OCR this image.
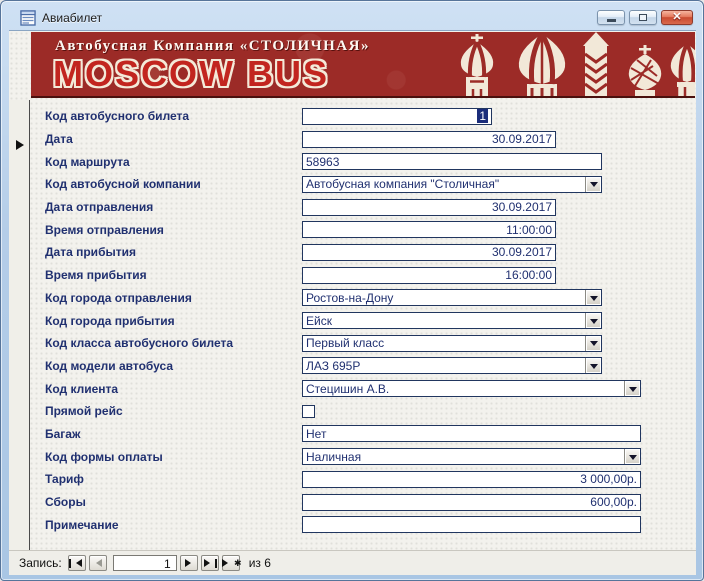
Авиабилет	✕
Автобусная Компания «СТОЛИЧНАЯ»
MOSCOW BUS
Код автобусного билета	1
Дата	30.09.2017
Код маршрута	58963
Код автобусной компании	Автобусная компания "Столичная"
Дата отправления	30.09.2017
Время отправления	11:00:00
Дата прибытия	30.09.2017
Время прибытия	16:00:00
Код города отправления	Ростов-на-Дону
Код города прибытия	Ейск
Код класса автобусного билета	Первый класс
Код модели автобуса	ЛАЗ 695Р
Код клиента	Стецишин А.В.
Прямой рейс
Багаж	Нет
Код формы оплаты	Наличная
Тариф	3 000,00р.
Сборы	600,00р.
Примечание
Запись:	1	✱ из 6
